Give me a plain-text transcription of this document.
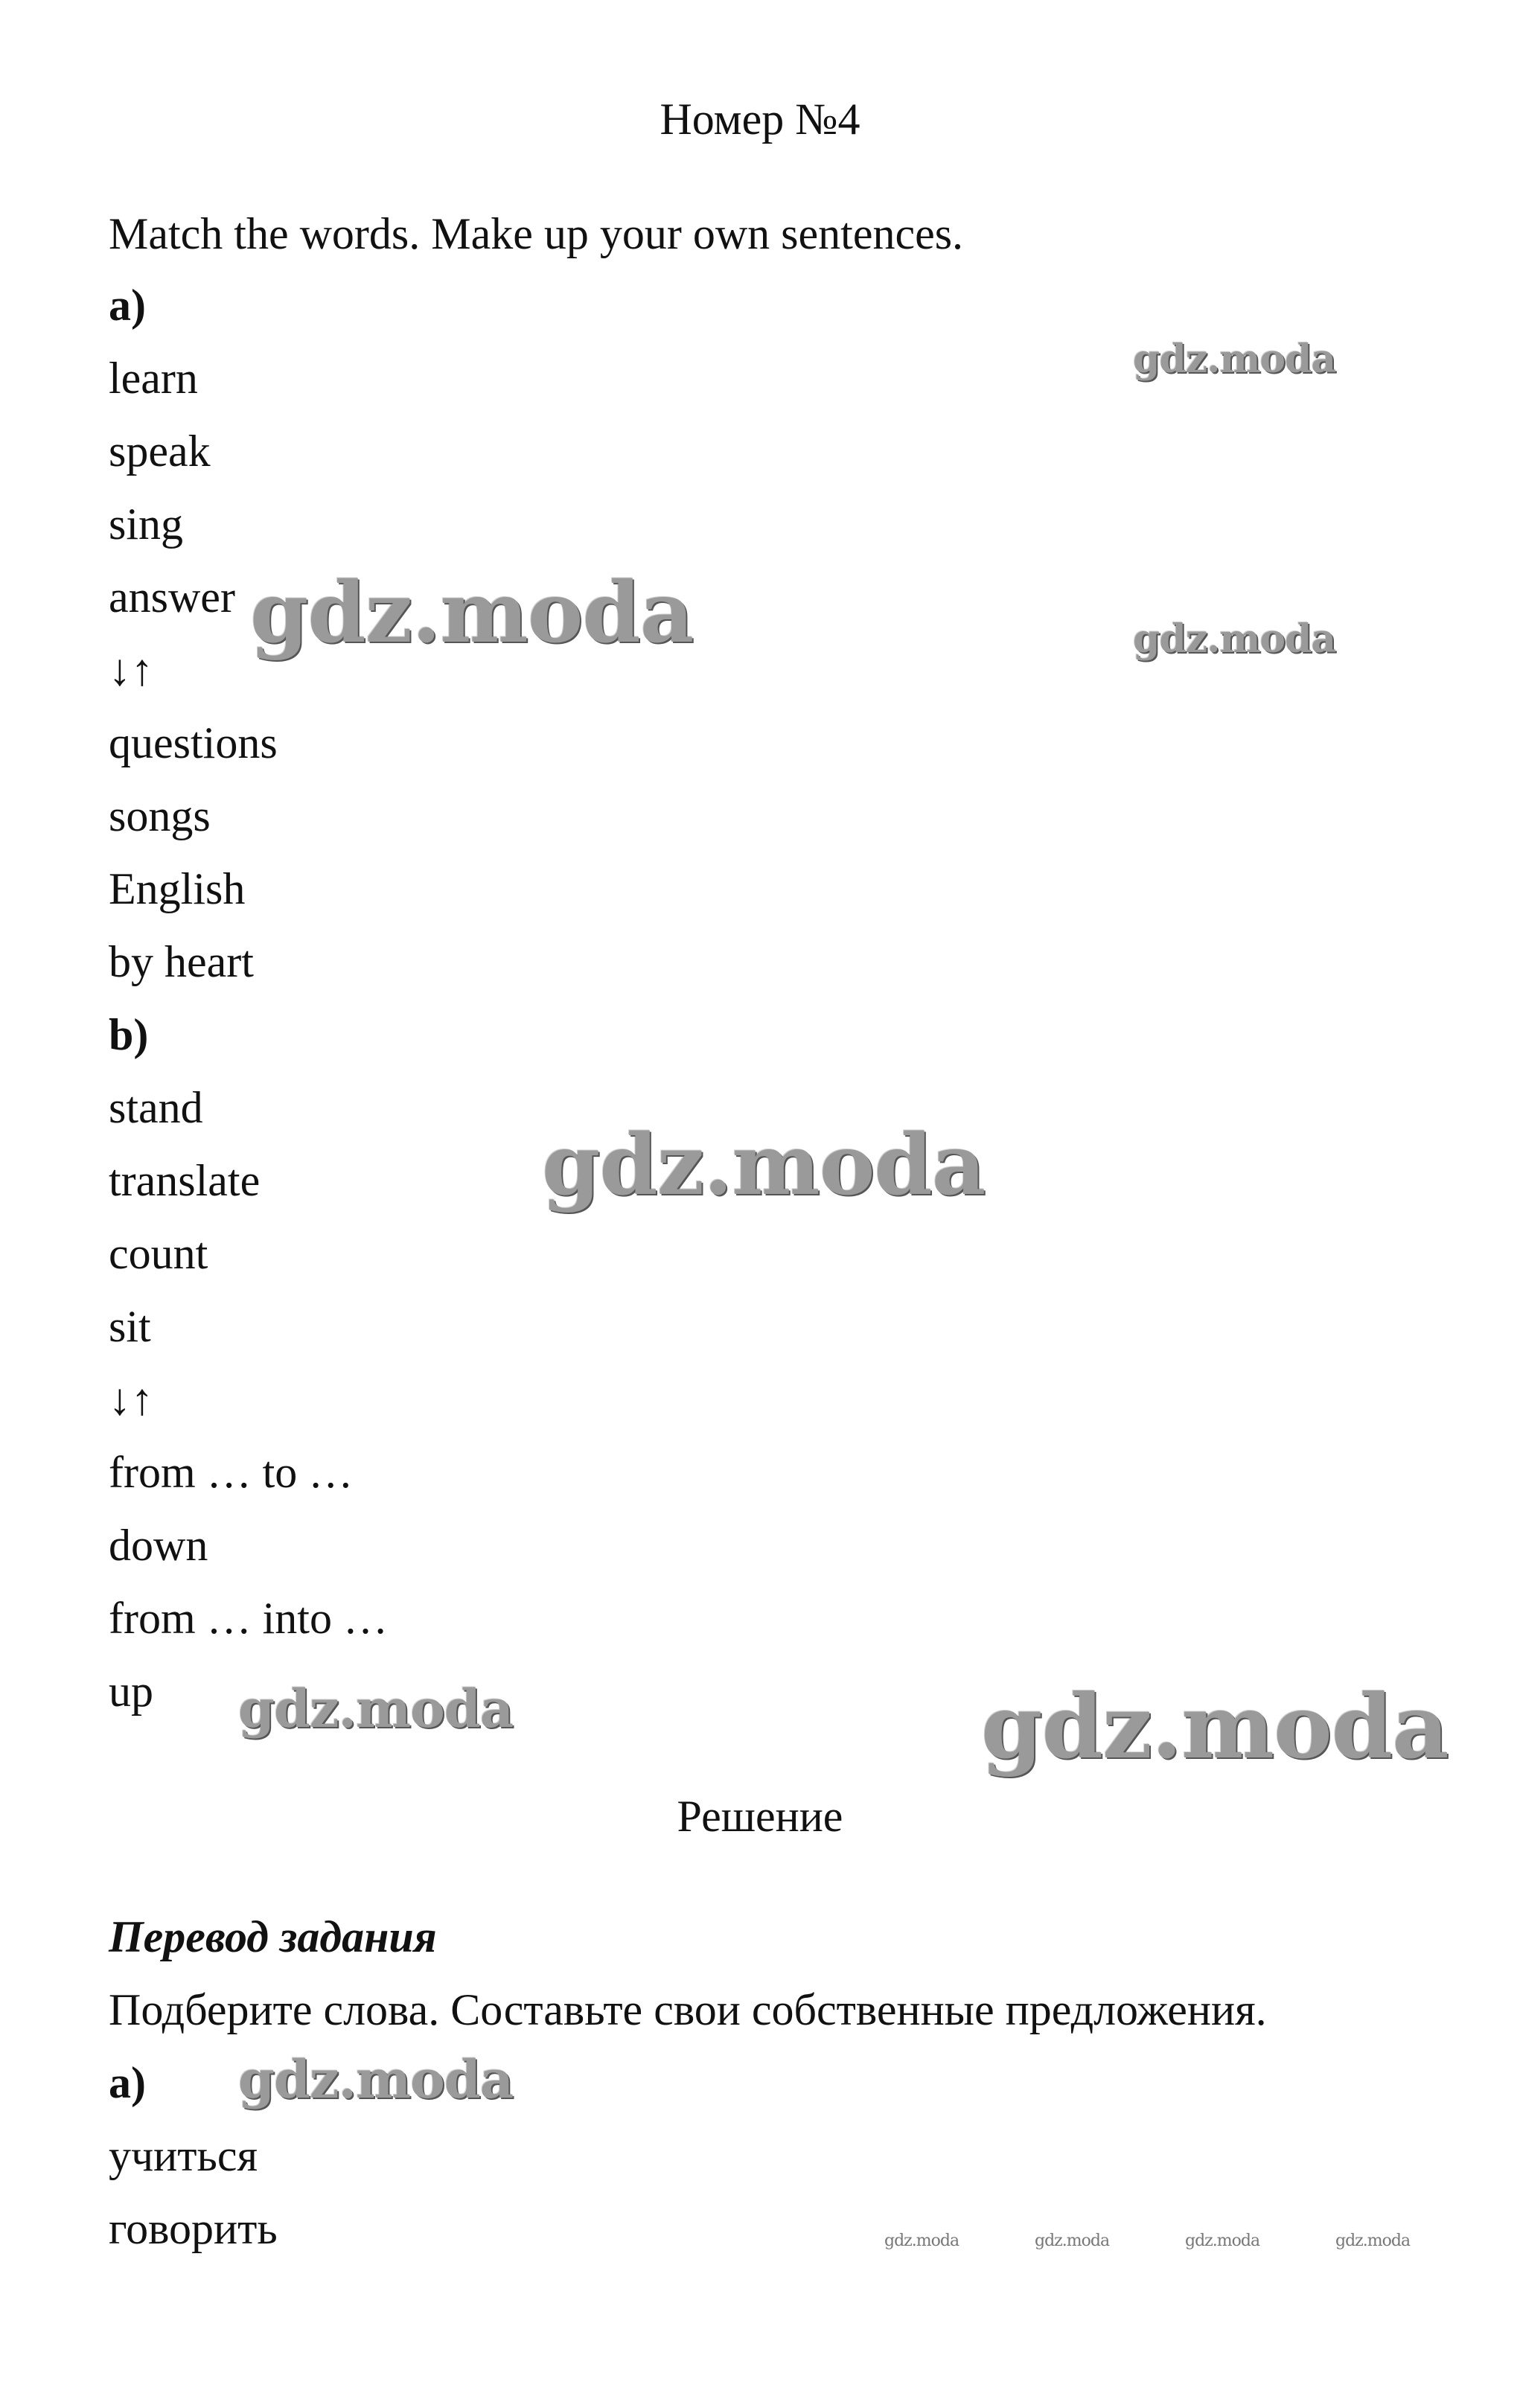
Номер №4
Match the words. Make up your own sentences.
a)
learn
speak
sing
answer
↓↑
questions
songs
English
by heart
b)
stand
translate
count
sit
↓↑
from … to …
down
from … into …
up
Решение
Перевод задания
Подберите слова. Составьте свои собственные предложения.
а)
учиться
говорить
gdz.moda
gdz.moda	gdz.moda
gdz.moda
gdz.moda	gdz.moda
gdz.moda
gdz.moda	gdz.moda	gdz.moda	gdz.moda
